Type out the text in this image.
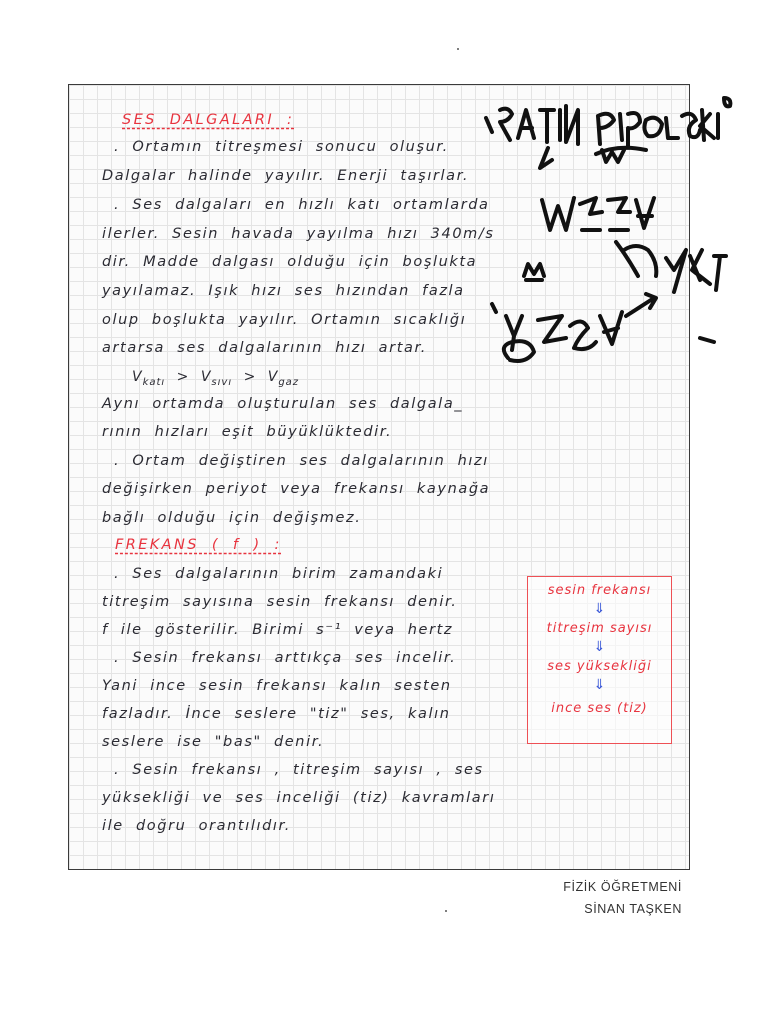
SES DALGALARI :
. Ortamın titreşmesi sonucu oluşur.
Dalgalar halinde yayılır. Enerji taşırlar.
. Ses dalgaları en hızlı katı ortamlarda
ilerler. Sesin havada yayılma hızı 340m/s
dir. Madde dalgası olduğu için boşlukta
yayılamaz. Işık hızı ses hızından fazla
olup boşlukta yayılır. Ortamın sıcaklığı
artarsa ses dalgalarının hızı artar.
$V_{katı} > V_{sıvı} > V_{gaz}$
Aynı ortamda oluşturulan ses dalgala_
rının hızları eşit büyüklüktedir.
. Ortam değiştiren ses dalgalarının hızı
değişirken periyot veya frekansı kaynağa
bağlı olduğu için değişmez.
FREKANS ( f ) :
. Ses dalgalarının birim zamandaki
titreşim sayısına sesin frekansı denir.
f ile gösterilir. Birimi s⁻¹ veya hertz
. Sesin frekansı arttıkça ses incelir.
Yani ince sesin frekansı kalın sesten
fazladır. İnce seslere "tiz" ses, kalın
seslere ise "bas" denir.
. Sesin frekansı , titreşim sayısı , ses
yüksekliği ve ses inceliği (tiz) kavramları
ile doğru orantılıdır.
sesin frekansı
⇓
titreşim sayısı
⇓
ses yüksekliği
⇓
ince ses (tiz)
FİZİK ÖĞRETMENİ
SİNAN TAŞKEN
